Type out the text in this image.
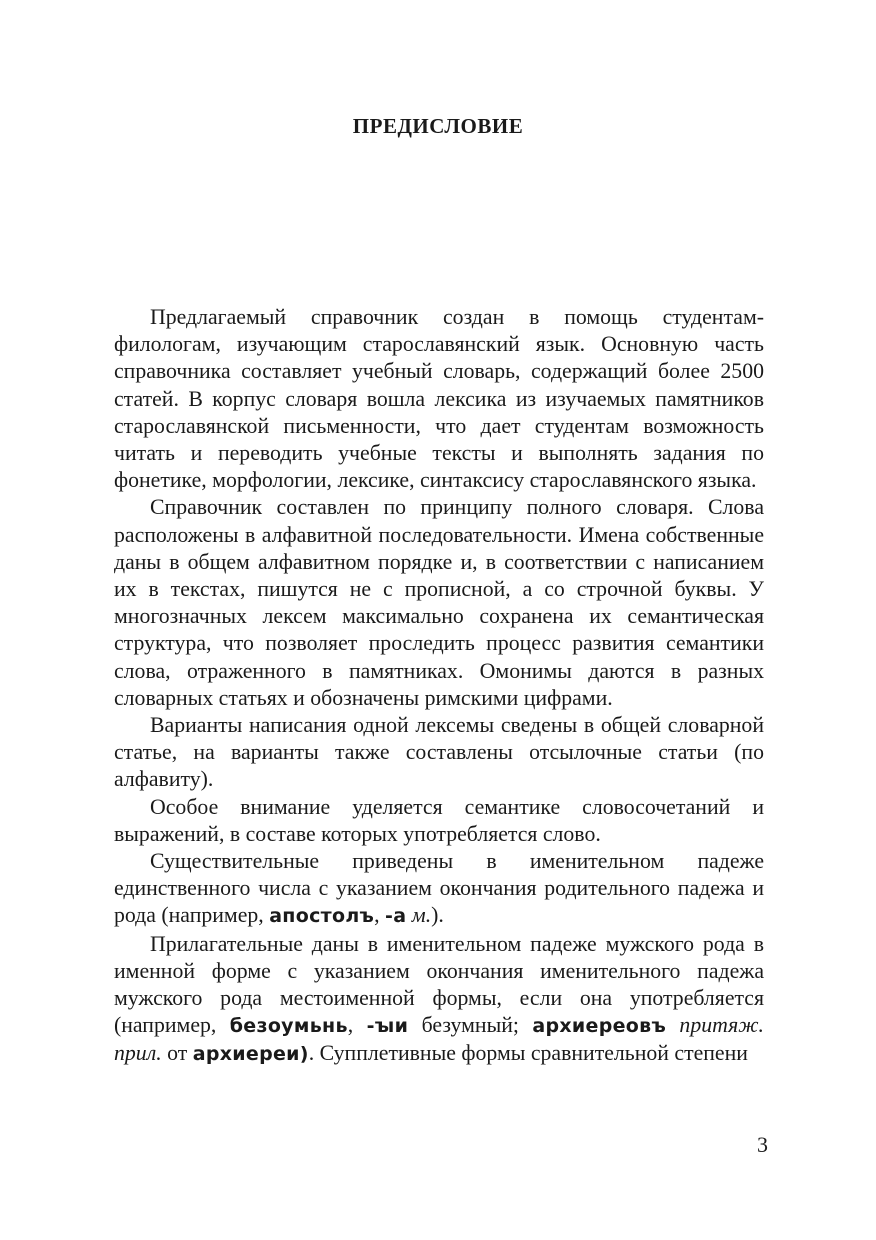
ПРЕДИСЛОВИЕ

Предлагаемый справочник создан в помощь студентам-филологам, изучающим старославянский язык. Основную часть справочника составляет учебный словарь, содержащий более 2500 статей. В корпус словаря вошла лексика из изучаемых памятников старославянской письменности, что дает студентам возможность читать и переводить учебные тексты и выполнять задания по фонетике, морфологии, лексике, синтаксису старославянского языка.

Справочник составлен по принципу полного словаря. Слова расположены в алфавитной последовательности. Имена собственные даны в общем алфавитном порядке и, в соответствии с написанием их в текстах, пишутся не с прописной, а со строчной буквы. У многозначных лексем максимально сохранена их семантическая структура, что позволяет проследить процесс развития семантики слова, отраженного в памятниках. Омонимы даются в разных словарных статьях и обозначены римскими цифрами.

Варианты написания одной лексемы сведены в общей словарной статье, на варианты также составлены отсылочные статьи (по алфавиту).

Особое внимание уделяется семантике словосочетаний и выражений, в составе которых употребляется слово.

Существительные приведены в именительном падеже единственного числа с указанием окончания родительного падежа и рода (например, апостолъ, -а м.).

Прилагательные даны в именительном падеже мужского рода в именной форме с указанием окончания именительного падежа мужского рода местоименной формы, если она употребляется (например, безоумьнь, -ꙑи безумный; архиереовъ притяж. прил. от архиереи). Супплетивные формы сравнительной степени

3
